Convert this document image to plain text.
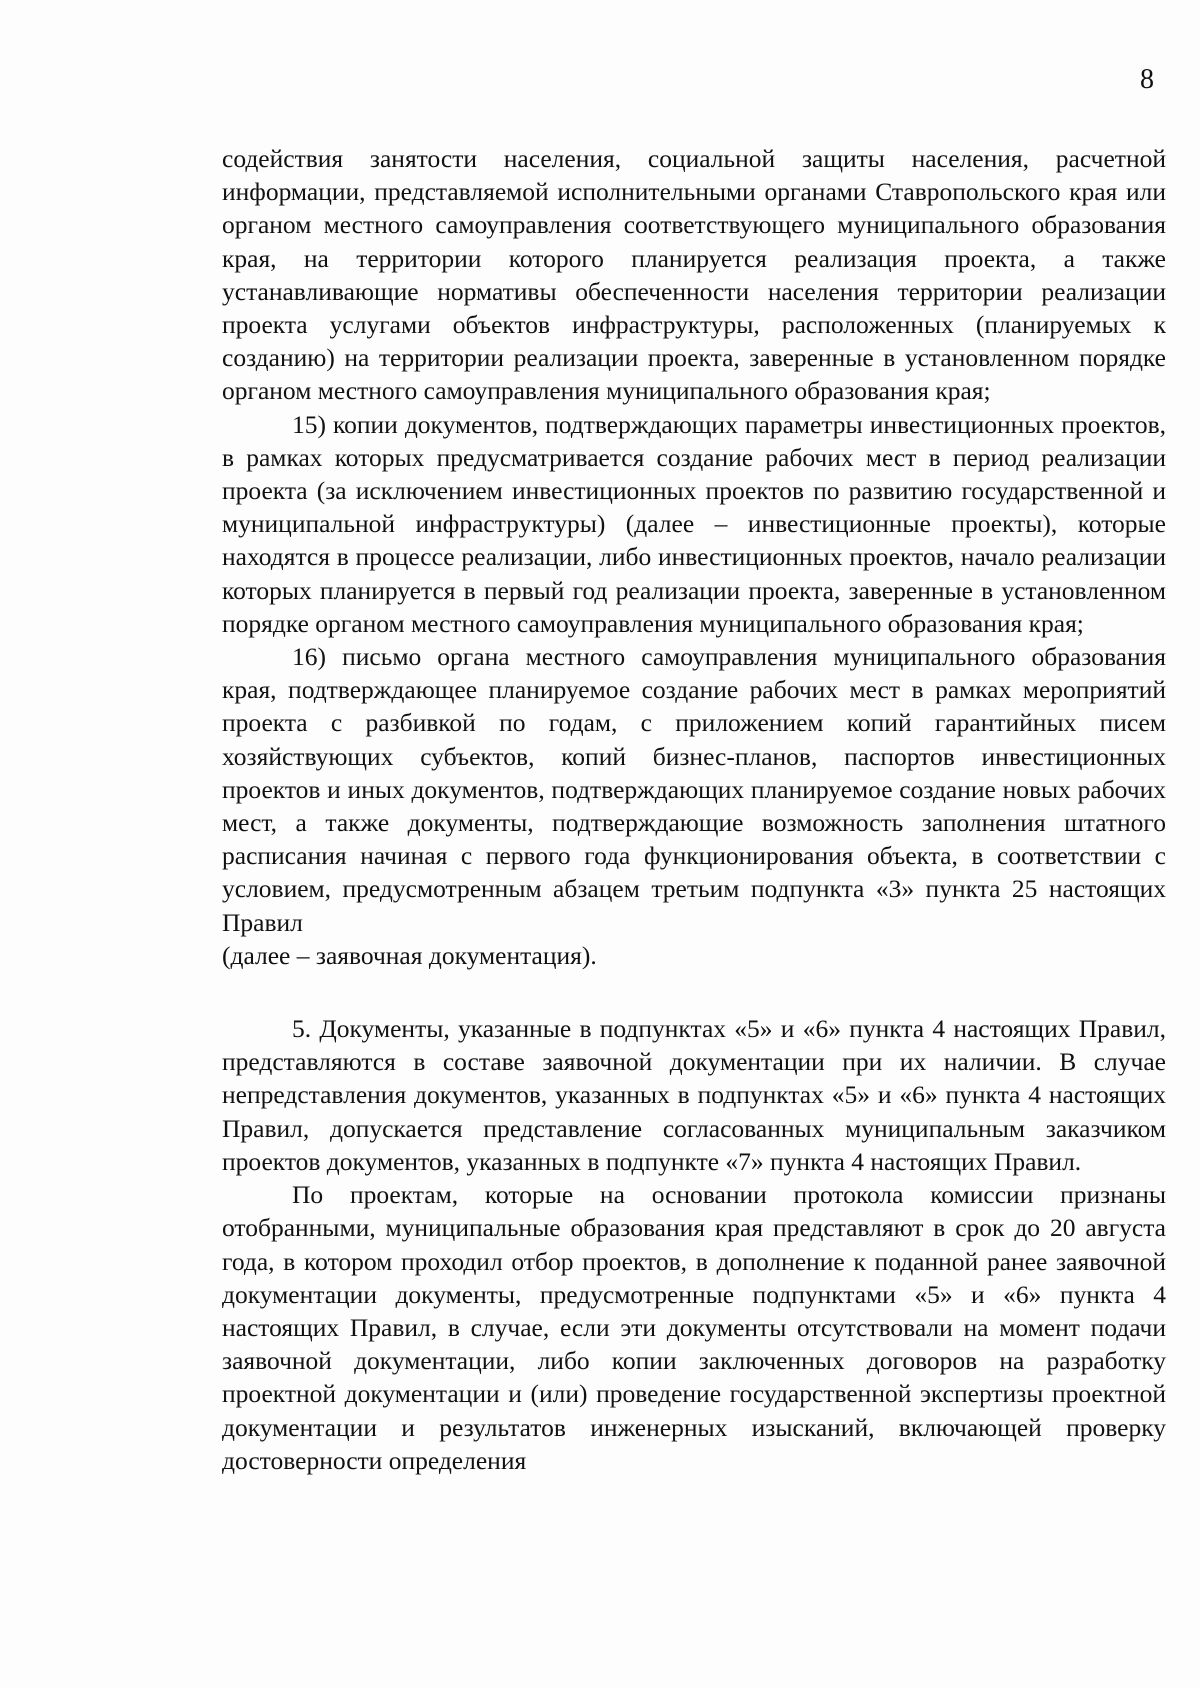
8

содействия занятости населения, социальной защиты населения, расчетной информации, представляемой исполнительными органами Ставропольского края или органом местного самоуправления соответствующего муниципального образования края, на территории которого планируется реализация проекта, а также устанавливающие нормативы обеспеченности населения территории реализации проекта услугами объектов инфраструктуры, расположенных (планируемых к созданию) на территории реализации проекта, заверенные в установленном порядке органом местного самоуправления муниципального образования края;

15) копии документов, подтверждающих параметры инвестиционных проектов, в рамках которых предусматривается создание рабочих мест в период реализации проекта (за исключением инвестиционных проектов по развитию государственной и муниципальной инфраструктуры) (далее – инвестиционные проекты), которые находятся в процессе реализации, либо инвестиционных проектов, начало реализации которых планируется в первый год реализации проекта, заверенные в установленном порядке органом местного самоуправления муниципального образования края;

16) письмо органа местного самоуправления муниципального образования края, подтверждающее планируемое создание рабочих мест в рамках мероприятий проекта с разбивкой по годам, с приложением копий гарантийных писем хозяйствующих субъектов, копий бизнес-планов, паспортов инвестиционных проектов и иных документов, подтверждающих планируемое создание новых рабочих мест, а также документы, подтверждающие возможность заполнения штатного расписания начиная с первого года функционирования объекта, в соответствии с условием, предусмотренным абзацем третьим подпункта «3» пункта 25 настоящих Правил

(далее – заявочная документация).

5. Документы, указанные в подпунктах «5» и «6» пункта 4 настоящих Правил, представляются в составе заявочной документации при их наличии. В случае непредставления документов, указанных в подпунктах «5» и «6» пункта 4 настоящих Правил, допускается представление согласованных муниципальным заказчиком проектов документов, указанных в подпункте «7» пункта 4 настоящих Правил.

По проектам, которые на основании протокола комиссии признаны отобранными, муниципальные образования края представляют в срок до 20 августа года, в котором проходил отбор проектов, в дополнение к поданной ранее заявочной документации документы, предусмотренные подпунктами «5» и «6» пункта 4 настоящих Правил, в случае, если эти документы отсутствовали на момент подачи заявочной документации, либо копии заключенных договоров на разработку проектной документации и (или) проведение государственной экспертизы проектной документации и результатов инженерных изысканий, включающей проверку достоверности определения
